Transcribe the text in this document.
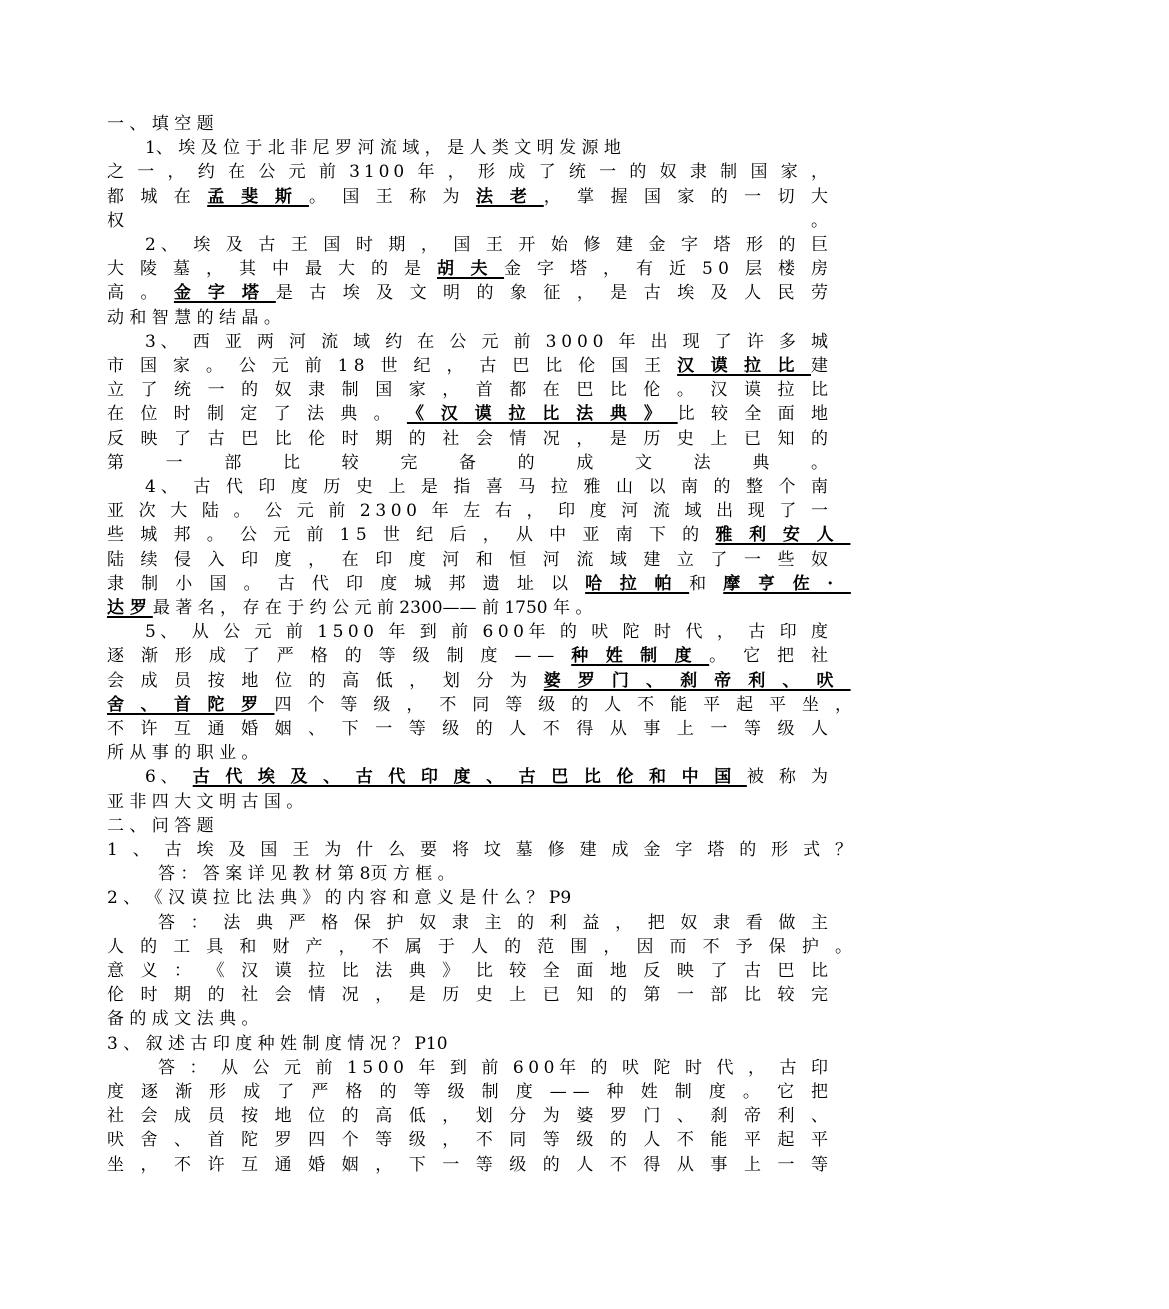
一 、 填 空 题
1、 埃 及 位 于 北 非 尼 罗 河 流 域 ， 是 人 类 文 明 发 源 地
之 一 ， 约 在 公 元 前 3100 年 ， 形 成 了 统 一 的 奴 隶 制 国 家 ，
都 城 在 孟 斐 斯 。 国 王 称 为 法 老 ， 掌 握 国 家 的 一 切 大
权 。
2、 埃 及 古 王 国 时 期 ， 国 王 开 始 修 建 金 字 塔 形 的 巨
大 陵 墓 ， 其 中 最 大 的 是 胡 夫 金 字 塔 ， 有 近 50 层 楼 房
高 。 金 字 塔 是 古 埃 及 文 明 的 象 征 ， 是 古 埃 及 人 民 劳
动 和 智 慧 的 结 晶 。
3、 西 亚 两 河 流 域 约 在 公 元 前 3000 年 出 现 了 许 多 城
市 国 家 。 公 元 前 18 世 纪 ， 古 巴 比 伦 国 王 汉 谟 拉 比 建
立 了 统 一 的 奴 隶 制 国 家 ， 首 都 在 巴 比 伦 。 汉 谟 拉 比
在 位 时 制 定 了 法 典 。 《 汉 谟 拉 比 法 典 》 比 较 全 面 地
反 映 了 古 巴 比 伦 时 期 的 社 会 情 况 ， 是 历 史 上 已 知 的
第 一 部 比 较 完 备 的 成 文 法 典 。
4、 古 代 印 度 历 史 上 是 指 喜 马 拉 雅 山 以 南 的 整 个 南
亚 次 大 陆 。 公 元 前 2300 年 左 右 ， 印 度 河 流 域 出 现 了 一
些 城 邦 。 公 元 前 15 世 纪 后 ， 从 中 亚 南 下 的 雅 利 安 人
陆 续 侵 入 印 度 ， 在 印 度 河 和 恒 河 流 域 建 立 了 一 些 奴
隶 制 小 国 。 古 代 印 度 城 邦 遗 址 以 哈 拉 帕 和 摩 亨 佐 ·
达 罗 最 著 名 ， 存 在 于 约 公 元 前 2300—— 前 1750 年 。
5、 从 公 元 前 1500 年 到 前 600年 的 吠 陀 时 代 ， 古 印 度
逐 渐 形 成 了 严 格 的 等 级 制 度 —— 种 姓 制 度 。 它 把 社
会 成 员 按 地 位 的 高 低 ， 划 分 为 婆 罗 门 、 刹 帝 利 、 吠
舍 、 首 陀 罗 四 个 等 级 ， 不 同 等 级 的 人 不 能 平 起 平 坐 ，
不 许 互 通 婚 姻 、 下 一 等 级 的 人 不 得 从 事 上 一 等 级 人
所 从 事 的 职 业 。
6、 古 代 埃 及 、 古 代 印 度 、 古 巴 比 伦 和 中 国 被 称 为
亚 非 四 大 文 明 古 国 。
二 、 问 答 题
1 、 古 埃 及 国 王 为 什 么 要 将 坟 墓 修 建 成 金 字 塔 的 形 式 ？
答 ： 答 案 详 见 教 材 第 8页 方 框 。
2 、 《 汉 谟 拉 比 法 典 》 的 内 容 和 意 义 是 什 么 ？ P9
答 ： 法 典 严 格 保 护 奴 隶 主 的 利 益 ， 把 奴 隶 看 做 主
人 的 工 具 和 财 产 ， 不 属 于 人 的 范 围 ， 因 而 不 予 保 护 。
意 义 ： 《 汉 谟 拉 比 法 典 》 比 较 全 面 地 反 映 了 古 巴 比
伦 时 期 的 社 会 情 况 ， 是 历 史 上 已 知 的 第 一 部 比 较 完
备 的 成 文 法 典 。
3 、 叙 述 古 印 度 种 姓 制 度 情 况 ？ P10
答 ： 从 公 元 前 1500 年 到 前 600年 的 吠 陀 时 代 ， 古 印
度 逐 渐 形 成 了 严 格 的 等 级 制 度 —— 种 姓 制 度 。 它 把
社 会 成 员 按 地 位 的 高 低 ， 划 分 为 婆 罗 门 、 刹 帝 利 、
吠 舍 、 首 陀 罗 四 个 等 级 ， 不 同 等 级 的 人 不 能 平 起 平
坐 ， 不 许 互 通 婚 姻 ， 下 一 等 级 的 人 不 得 从 事 上 一 等
